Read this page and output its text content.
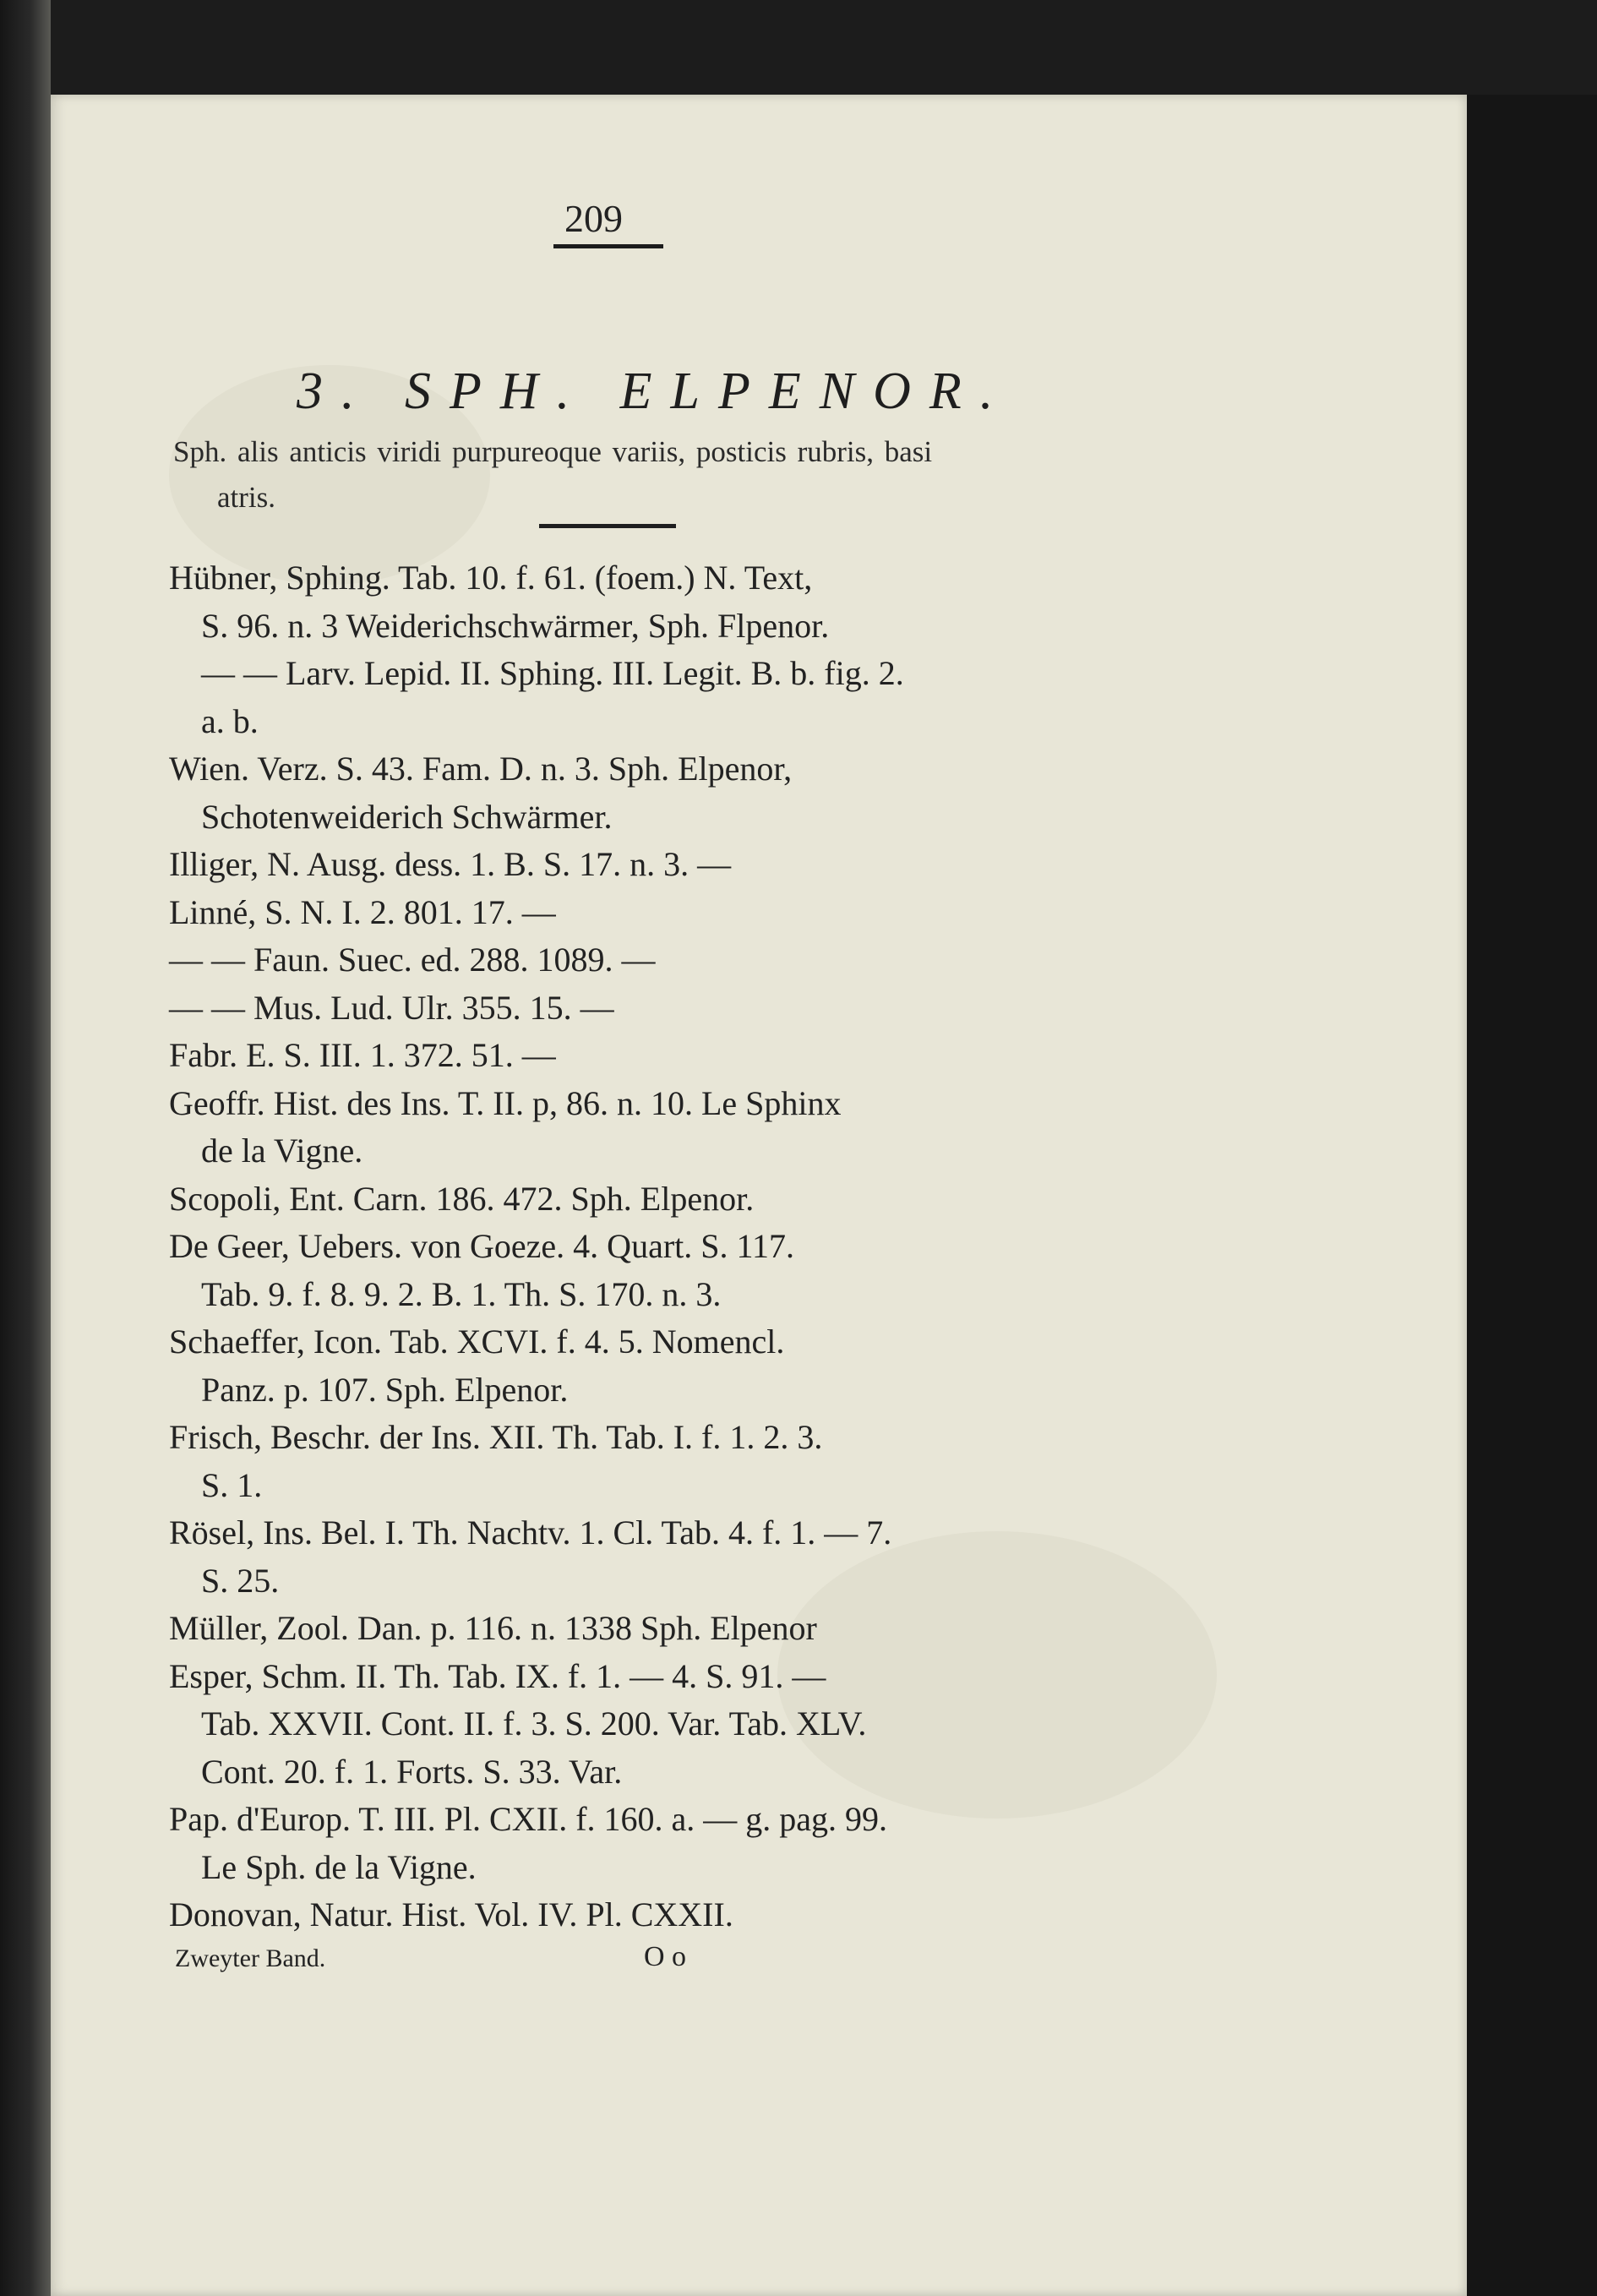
209
3. SPH. ELPENOR.
Sph. alis anticis viridi purpureoque variis, posticis rubris, basi
atris.
Hübner, Sphing. Tab. 10. f. 61. (foem.) N. Text,
S. 96. n. 3 Weiderichschwärmer, Sph. Flpenor.
— — Larv. Lepid. II. Sphing. III. Legit. B. b. fig. 2.
a. b.
Wien. Verz. S. 43. Fam. D. n. 3. Sph. Elpenor,
Schotenweiderich Schwärmer.
Illiger, N. Ausg. dess. 1. B. S. 17. n. 3. —
Linné, S. N. I. 2. 801. 17. —
— — Faun. Suec. ed. 288. 1089. —
— — Mus. Lud. Ulr. 355. 15. —
Fabr. E. S. III. 1. 372. 51. —
Geoffr. Hist. des Ins. T. II. p, 86. n. 10. Le Sphinx
de la Vigne.
Scopoli, Ent. Carn. 186. 472. Sph. Elpenor.
De Geer, Uebers. von Goeze. 4. Quart. S. 117.
Tab. 9. f. 8. 9. 2. B. 1. Th. S. 170. n. 3.
Schaeffer, Icon. Tab. XCVI. f. 4. 5. Nomencl.
Panz. p. 107. Sph. Elpenor.
Frisch, Beschr. der Ins. XII. Th. Tab. I. f. 1. 2. 3.
S. 1.
Rösel, Ins. Bel. I. Th. Nachtv. 1. Cl. Tab. 4. f. 1. — 7.
S. 25.
Müller, Zool. Dan. p. 116. n. 1338 Sph. Elpenor
Esper, Schm. II. Th. Tab. IX. f. 1. — 4. S. 91. —
Tab. XXVII. Cont. II. f. 3. S. 200. Var. Tab. XLV.
Cont. 20. f. 1. Forts. S. 33. Var.
Pap. d'Europ. T. III. Pl. CXII. f. 160. a. — g. pag. 99.
Le Sph. de la Vigne.
Donovan, Natur. Hist. Vol. IV. Pl. CXXII.
Zweyter Band.	O o
